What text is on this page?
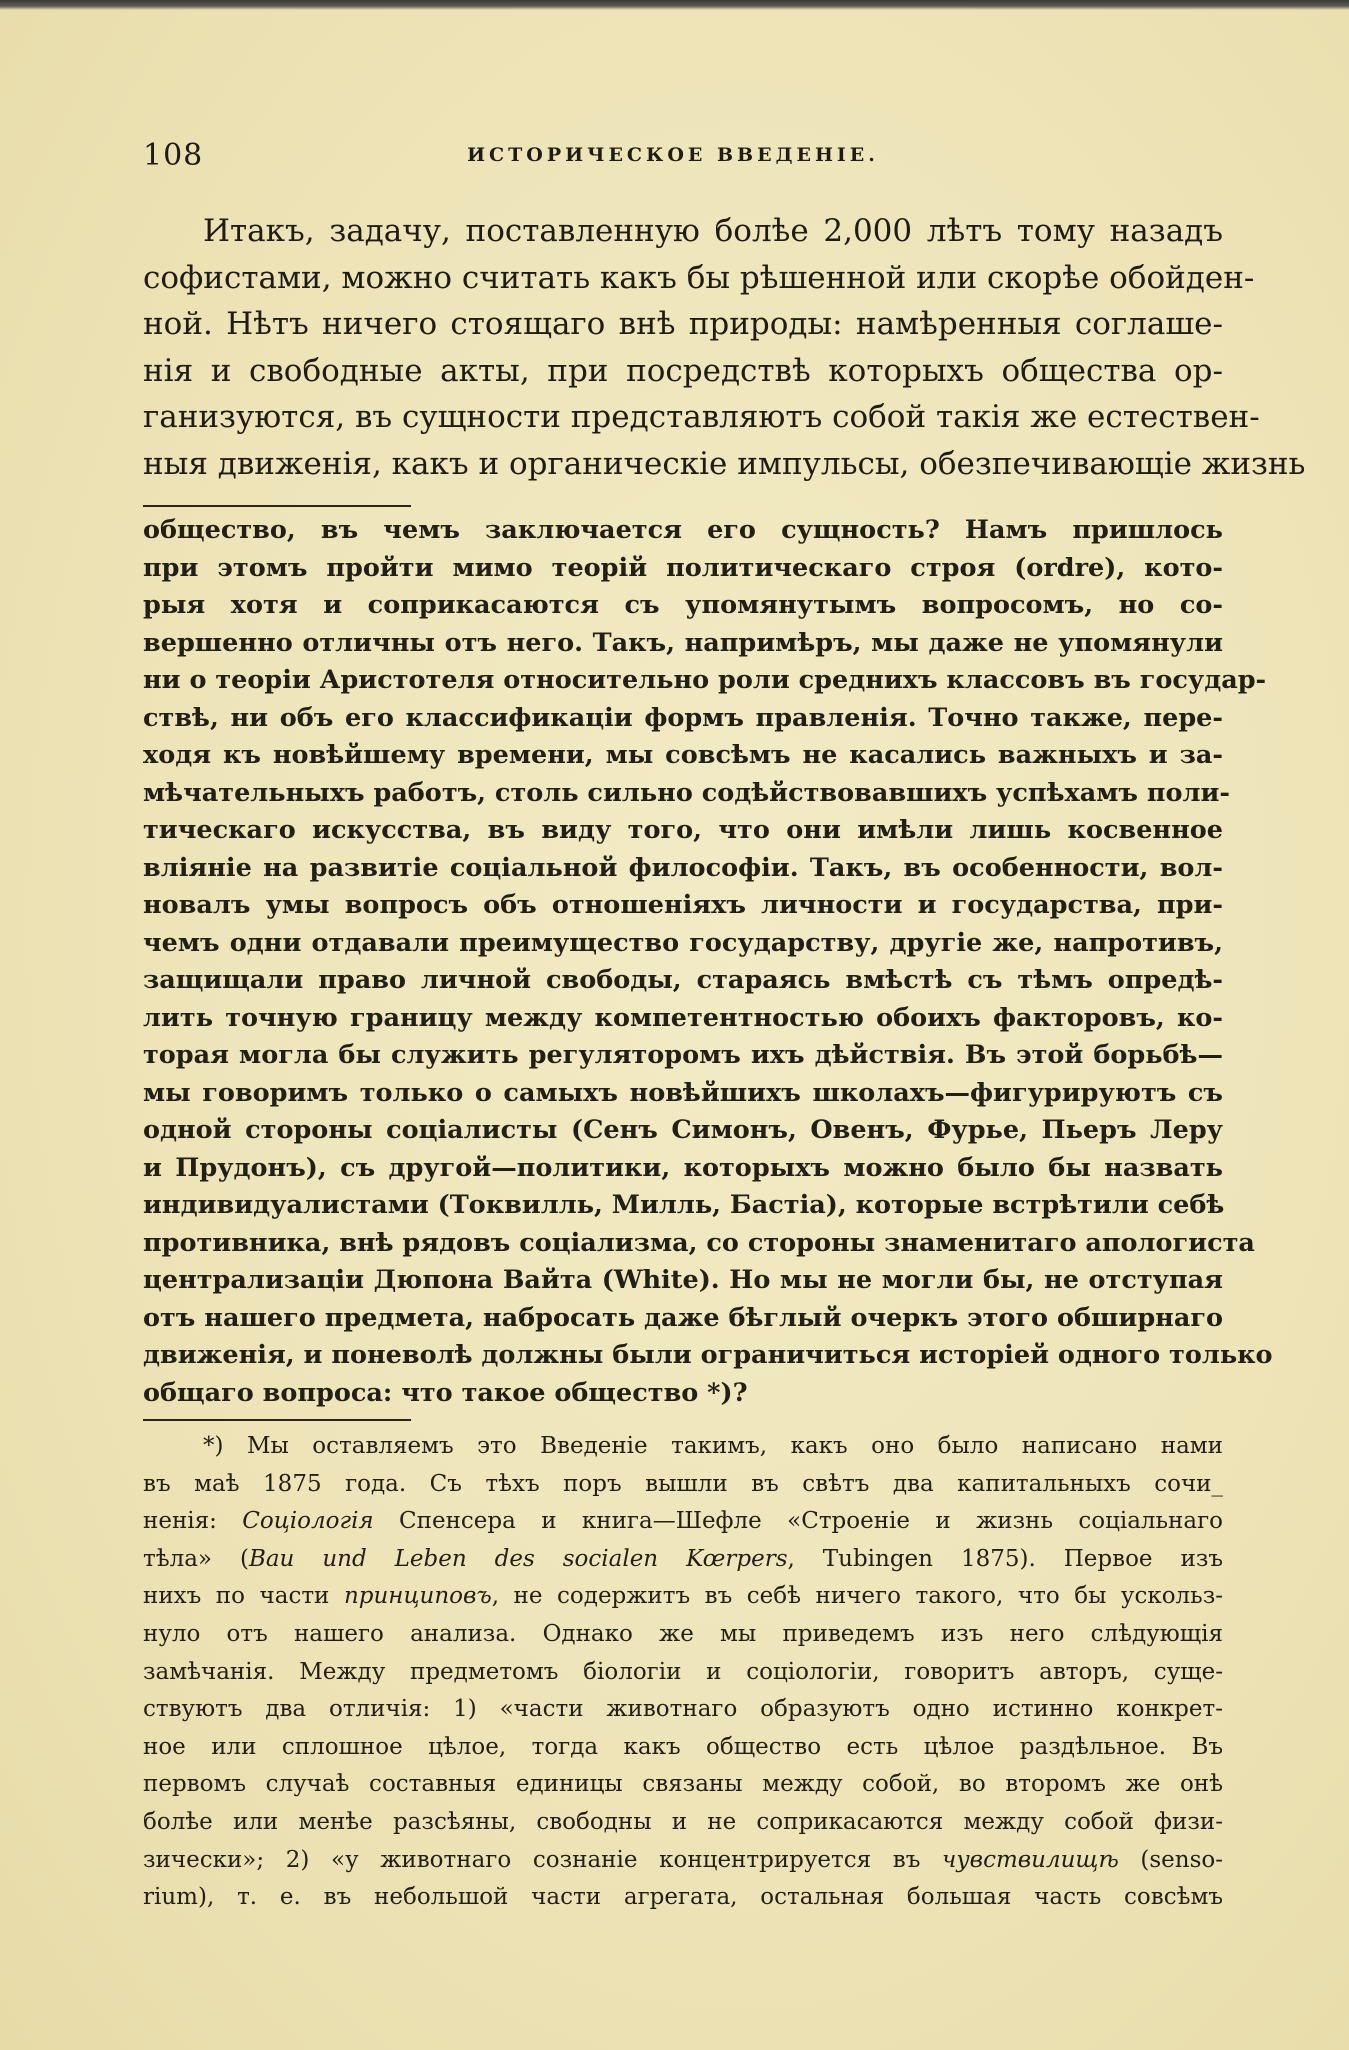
108	ИСТОРИЧЕСКОЕ ВВЕДЕНІЕ.
Итакъ, задачу, поставленную болѣе 2,000 лѣтъ тому назадъ
софистами, можно считать какъ бы рѣшенной или скорѣе обойден-
ной. Нѣтъ ничего стоящаго внѣ природы: намѣренныя соглаше-
нія и свободные акты, при посредствѣ которыхъ общества ор-
ганизуются, въ сущности представляютъ собой такія же естествен-
ныя движенія, какъ и органическіе импульсы, обезпечивающіе жизнь
общество, въ чемъ заключается его сущность? Намъ пришлось
при этомъ пройти мимо теорій политическаго строя (ordre), кото-
рыя хотя и соприкасаются съ упомянутымъ вопросомъ, но со-
вершенно отличны отъ него. Такъ, напримѣръ, мы даже не упомянули
ни о теоріи Аристотеля относительно роли среднихъ классовъ въ государ-
ствѣ, ни объ его классификаціи формъ правленія. Точно также, пере-
ходя къ новѣйшему времени, мы совсѣмъ не касались важныхъ и за-
мѣчательныхъ работъ, столь сильно содѣйствовавшихъ успѣхамъ поли-
тическаго искусства, въ виду того, что они имѣли лишь косвенное
вліяніе на развитіе соціальной философіи. Такъ, въ особенности, вол-
новалъ умы вопросъ объ отношеніяхъ личности и государства, при-
чемъ одни отдавали преимущество государству, другіе же, напротивъ,
защищали право личной свободы, стараясь вмѣстѣ съ тѣмъ опредѣ-
лить точную границу между компетентностью обоихъ факторовъ, ко-
торая могла бы служить регуляторомъ ихъ дѣйствія. Въ этой борьбѣ—
мы говоримъ только о самыхъ новѣйшихъ школахъ—фигурируютъ съ
одной стороны соціалисты (Сенъ Симонъ, Овенъ, Фурье, Пьеръ Леру
и Прудонъ), съ другой—политики, которыхъ можно было бы назвать
индивидуалистами (Токвилль, Милль, Бастіа), которые встрѣтили себѣ
противника, внѣ рядовъ соціализма, со стороны знаменитаго апологиста
централизаціи Дюпона Вайта (White). Но мы не могли бы, не отступая
отъ нашего предмета, набросать даже бѣглый очеркъ этого обширнаго
движенія, и поневолѣ должны были ограничиться исторіей одного только
общаго вопроса: что такое общество *)?
*) Мы оставляемъ это Введеніе такимъ, какъ оно было написано нами
въ маѣ 1875 года. Съ тѣхъ поръ вышли въ свѣтъ два капитальныхъ сочи_
ненія: Соціологія Спенсера и книга—Шефле «Строеніе и жизнь соціальнаго
тѣла» (Bau und Leben des socialen Kœrpers, Tubingen 1875). Первое изъ
нихъ по части принциповъ, не содержитъ въ себѣ ничего такого, что бы ускольз-
нуло отъ нашего анализа. Однако же мы приведемъ изъ него слѣдующія
замѣчанія. Между предметомъ біологіи и соціологіи, говоритъ авторъ, суще-
ствуютъ два отличія: 1) «части животнаго образуютъ одно истинно конкрет-
ное или сплошное цѣлое, тогда какъ общество есть цѣлое раздѣльное. Въ
первомъ случаѣ составныя единицы связаны между собой, во второмъ же онѣ
болѣе или менѣе разсѣяны, свободны и не соприкасаются между собой физи-
зически»; 2) «у животнаго сознаніе концентрируется въ чувствилищѣ (senso-
rium), т. е. въ небольшой части агрегата, остальная большая часть совсѣмъ
